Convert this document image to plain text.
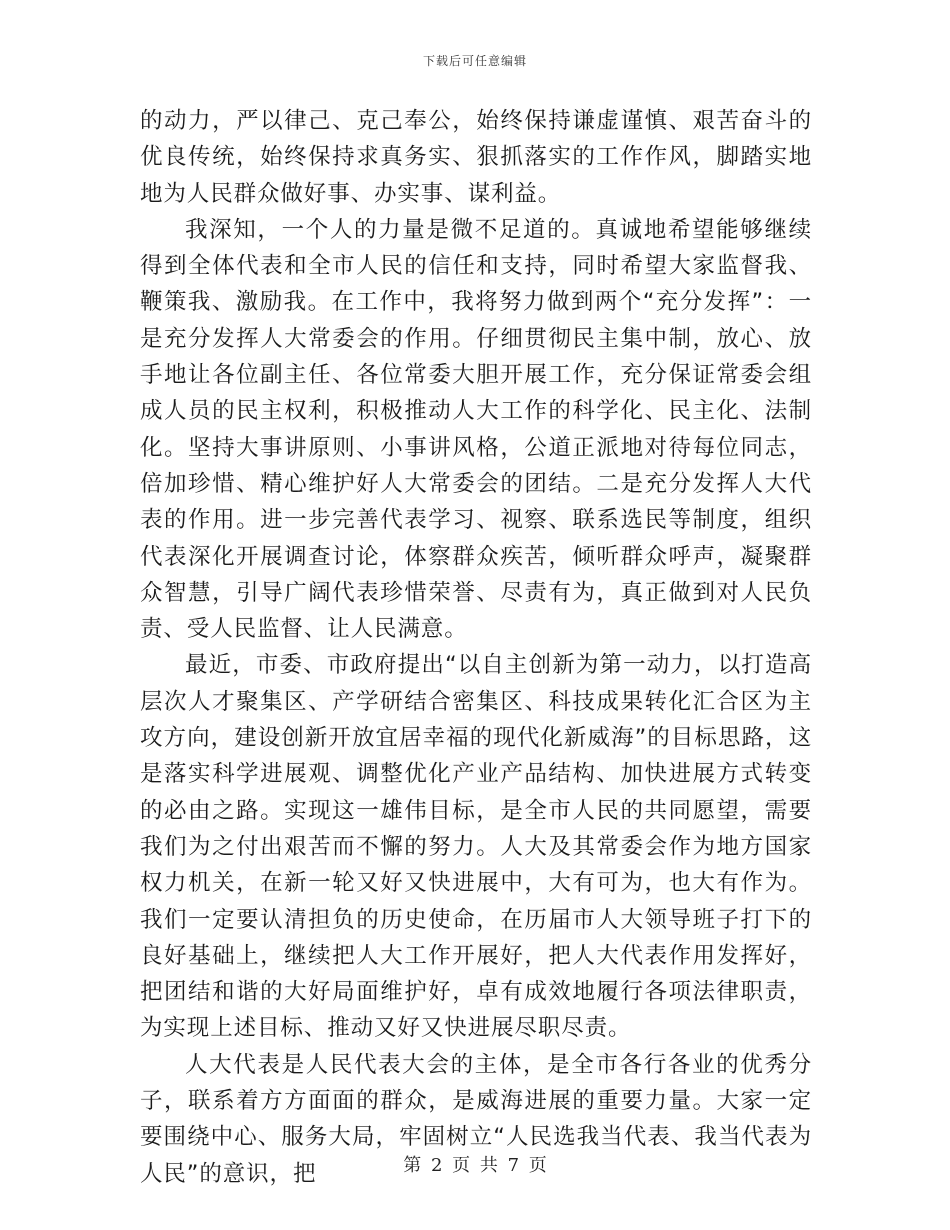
下载后可任意编辑

的动力，严以律己、克己奉公，始终保持谦虚谨慎、艰苦奋斗的优良传统，始终保持求真务实、狠抓落实的工作作风，脚踏实地地为人民群众做好事、办实事、谋利益。

我深知，一个人的力量是微不足道的。真诚地希望能够继续得到全体代表和全市人民的信任和支持，同时希望大家监督我、鞭策我、激励我。在工作中，我将努力做到两个“充分发挥”：一是充分发挥人大常委会的作用。仔细贯彻民主集中制，放心、放手地让各位副主任、各位常委大胆开展工作，充分保证常委会组成人员的民主权利，积极推动人大工作的科学化、民主化、法制化。坚持大事讲原则、小事讲风格，公道正派地对待每位同志，倍加珍惜、精心维护好人大常委会的团结。二是充分发挥人大代表的作用。进一步完善代表学习、视察、联系选民等制度，组织代表深化开展调查讨论，体察群众疾苦，倾听群众呼声，凝聚群众智慧，引导广阔代表珍惜荣誉、尽责有为，真正做到对人民负责、受人民监督、让人民满意。

最近，市委、市政府提出“以自主创新为第一动力，以打造高层次人才聚集区、产学研结合密集区、科技成果转化汇合区为主攻方向，建设创新开放宜居幸福的现代化新威海”的目标思路，这是落实科学进展观、调整优化产业产品结构、加快进展方式转变的必由之路。实现这一雄伟目标，是全市人民的共同愿望，需要我们为之付出艰苦而不懈的努力。人大及其常委会作为地方国家权力机关，在新一轮又好又快进展中，大有可为，也大有作为。我们一定要认清担负的历史使命，在历届市人大领导班子打下的良好基础上，继续把人大工作开展好，把人大代表作用发挥好，把团结和谐的大好局面维护好，卓有成效地履行各项法律职责，为实现上述目标、推动又好又快进展尽职尽责。

人大代表是人民代表大会的主体，是全市各行各业的优秀分子，联系着方方面面的群众，是威海进展的重要力量。大家一定要围绕中心、服务大局，牢固树立“人民选我当代表、我当代表为人民”的意识，把	第 2 页 共 7 页
